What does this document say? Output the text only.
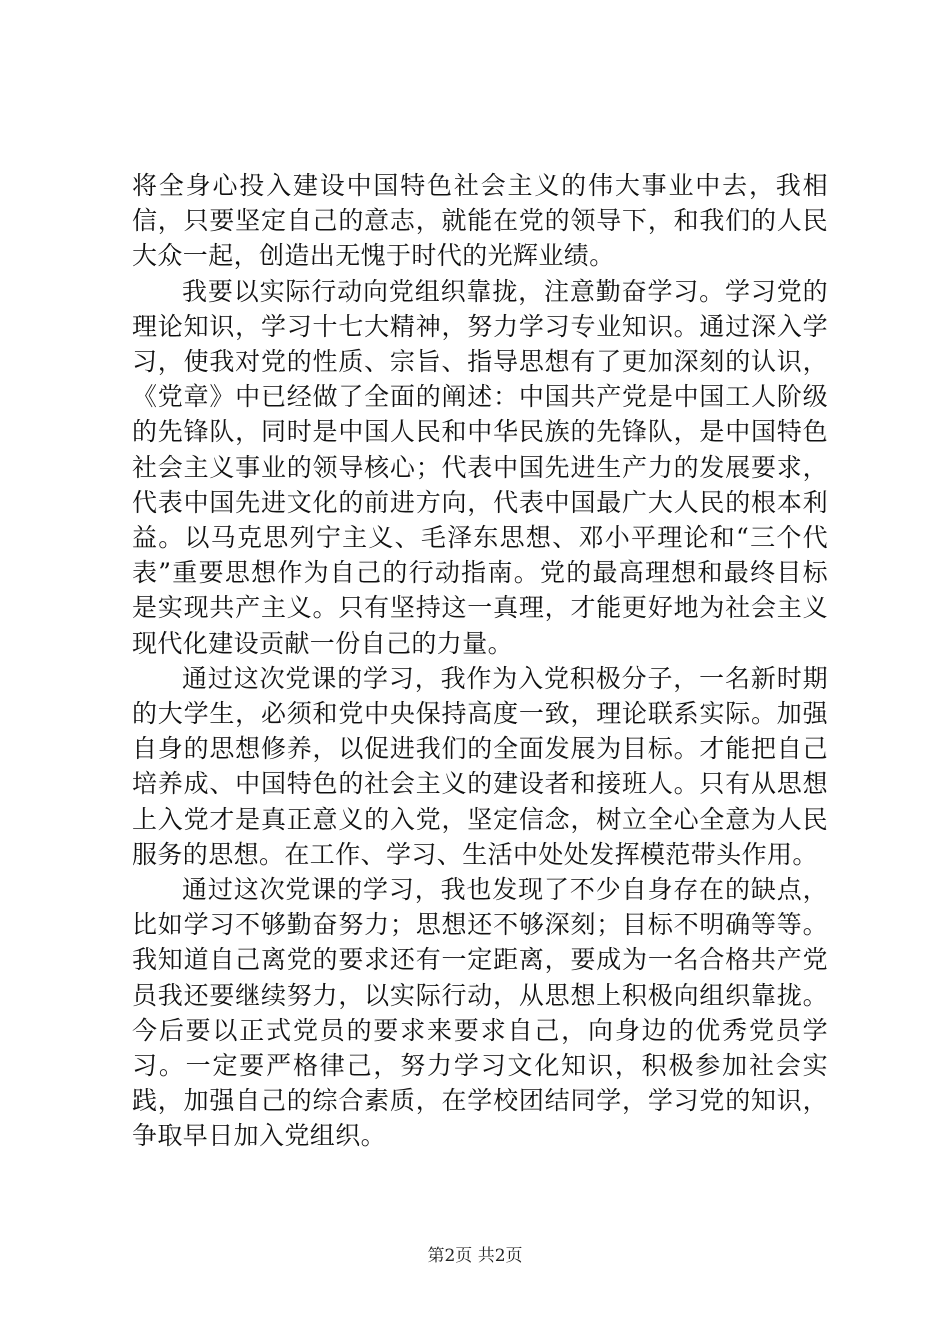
将全身心投入建设中国特色社会主义的伟大事业中去，我相信，只要坚定自己的意志，就能在党的领导下，和我们的人民大众一起，创造出无愧于时代的光辉业绩。

我要以实际行动向党组织靠拢，注意勤奋学习。学习党的理论知识，学习十七大精神，努力学习专业知识。通过深入学习，使我对党的性质、宗旨、指导思想有了更加深刻的认识，《党章》中已经做了全面的阐述：中国共产党是中国工人阶级的先锋队，同时是中国人民和中华民族的先锋队，是中国特色社会主义事业的领导核心；代表中国先进生产力的发展要求，代表中国先进文化的前进方向，代表中国最广大人民的根本利益。以马克思列宁主义、毛泽东思想、邓小平理论和“三个代表”重要思想作为自己的行动指南。党的最高理想和最终目标是实现共产主义。只有坚持这一真理，才能更好地为社会主义现代化建设贡献一份自己的力量。

通过这次党课的学习，我作为入党积极分子，一名新时期的大学生，必须和党中央保持高度一致，理论联系实际。加强自身的思想修养，以促进我们的全面发展为目标。才能把自己培养成、中国特色的社会主义的建设者和接班人。只有从思想上入党才是真正意义的入党，坚定信念，树立全心全意为人民服务的思想。在工作、学习、生活中处处发挥模范带头作用。

通过这次党课的学习，我也发现了不少自身存在的缺点，比如学习不够勤奋努力；思想还不够深刻；目标不明确等等。我知道自己离党的要求还有一定距离，要成为一名合格共产党员我还要继续努力，以实际行动，从思想上积极向组织靠拢。今后要以正式党员的要求来要求自己，向身边的优秀党员学习。一定要严格律己，努力学习文化知识，积极参加社会实践，加强自己的综合素质，在学校团结同学，学习党的知识，争取早日加入党组织。

第2页 共2页
